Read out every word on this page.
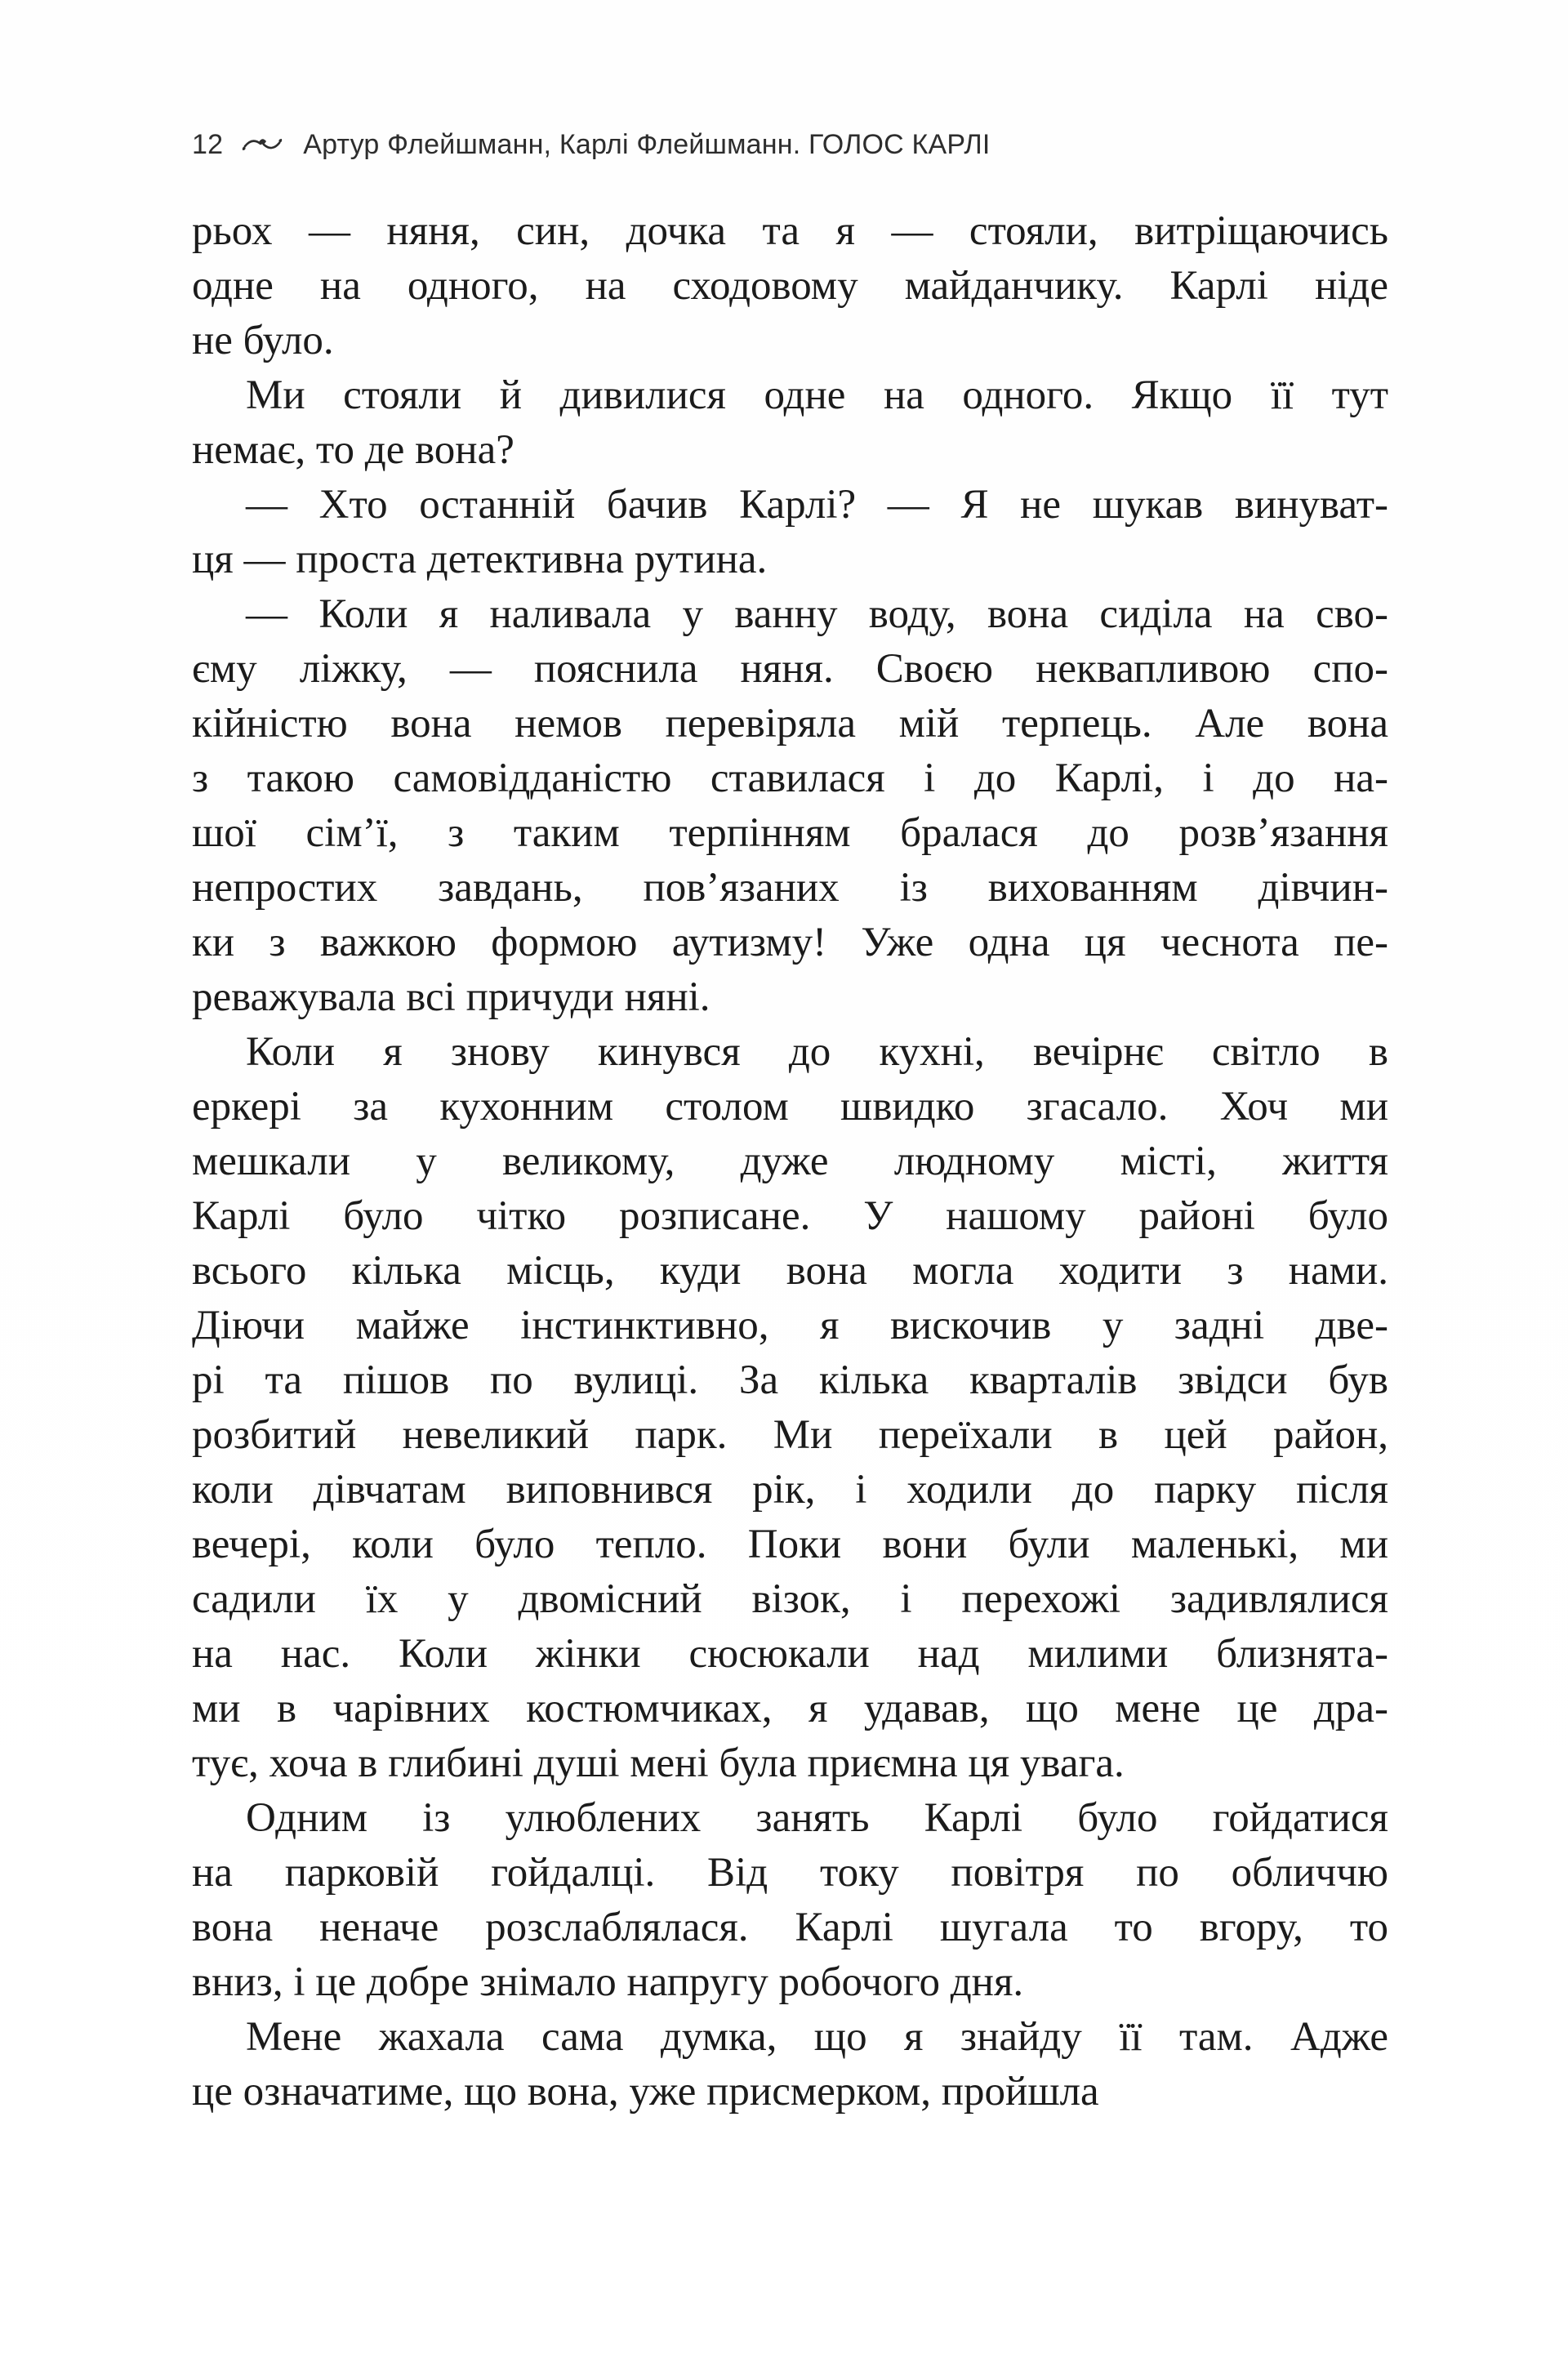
12	Артур Флейшманн, Карлі Флейшманн. ГОЛОС КАРЛІ
рьох — няня, син, дочка та я — стояли, витріщаючись
одне на одного, на сходовому майданчику. Карлі ніде
не було.
Ми стояли й дивилися одне на одного. Якщо її тут
немає, то де вона?
— Хто останній бачив Карлі? — Я не шукав винуват-
ця — проста детективна рутина.
— Коли я наливала у ванну воду, вона сиділа на сво-
єму ліжку, — пояснила няня. Своєю неквапливою спо-
кійністю вона немов перевіряла мій терпець. Але вона
з такою самовідданістю ставилася і до Карлі, і до на-
шої сім’ї, з таким терпінням бралася до розв’язання
непростих завдань, пов’язаних із вихованням дівчин-
ки з важкою формою аутизму! Уже одна ця чеснота пе-
реважувала всі причуди няні.
Коли я знову кинувся до кухні, вечірнє світло в
еркері за кухонним столом швидко згасало. Хоч ми
мешкали у великому, дуже людному місті, життя
Карлі було чітко розписане. У нашому районі було
всього кілька місць, куди вона могла ходити з нами.
Діючи майже інстинктивно, я вискочив у задні две-
рі та пішов по вулиці. За кілька кварталів звідси був
розбитий невеликий парк. Ми переїхали в цей район,
коли дівчатам виповнився рік, і ходили до парку після
вечері, коли було тепло. Поки вони були маленькі, ми
садили їх у двомісний візок, і перехожі задивлялися
на нас. Коли жінки сюсюкали над милими близнята-
ми в чарівних костюмчиках, я удавав, що мене це дра-
тує, хоча в глибині душі мені була приємна ця увага.
Одним із улюблених занять Карлі було гойдатися
на парковій гойдалці. Від току повітря по обличчю
вона неначе розслаблялася. Карлі шугала то вгору, то
вниз, і це добре знімало напругу робочого дня.
Мене жахала сама думка, що я знайду її там. Адже
це означатиме, що вона, уже присмерком, пройшла
